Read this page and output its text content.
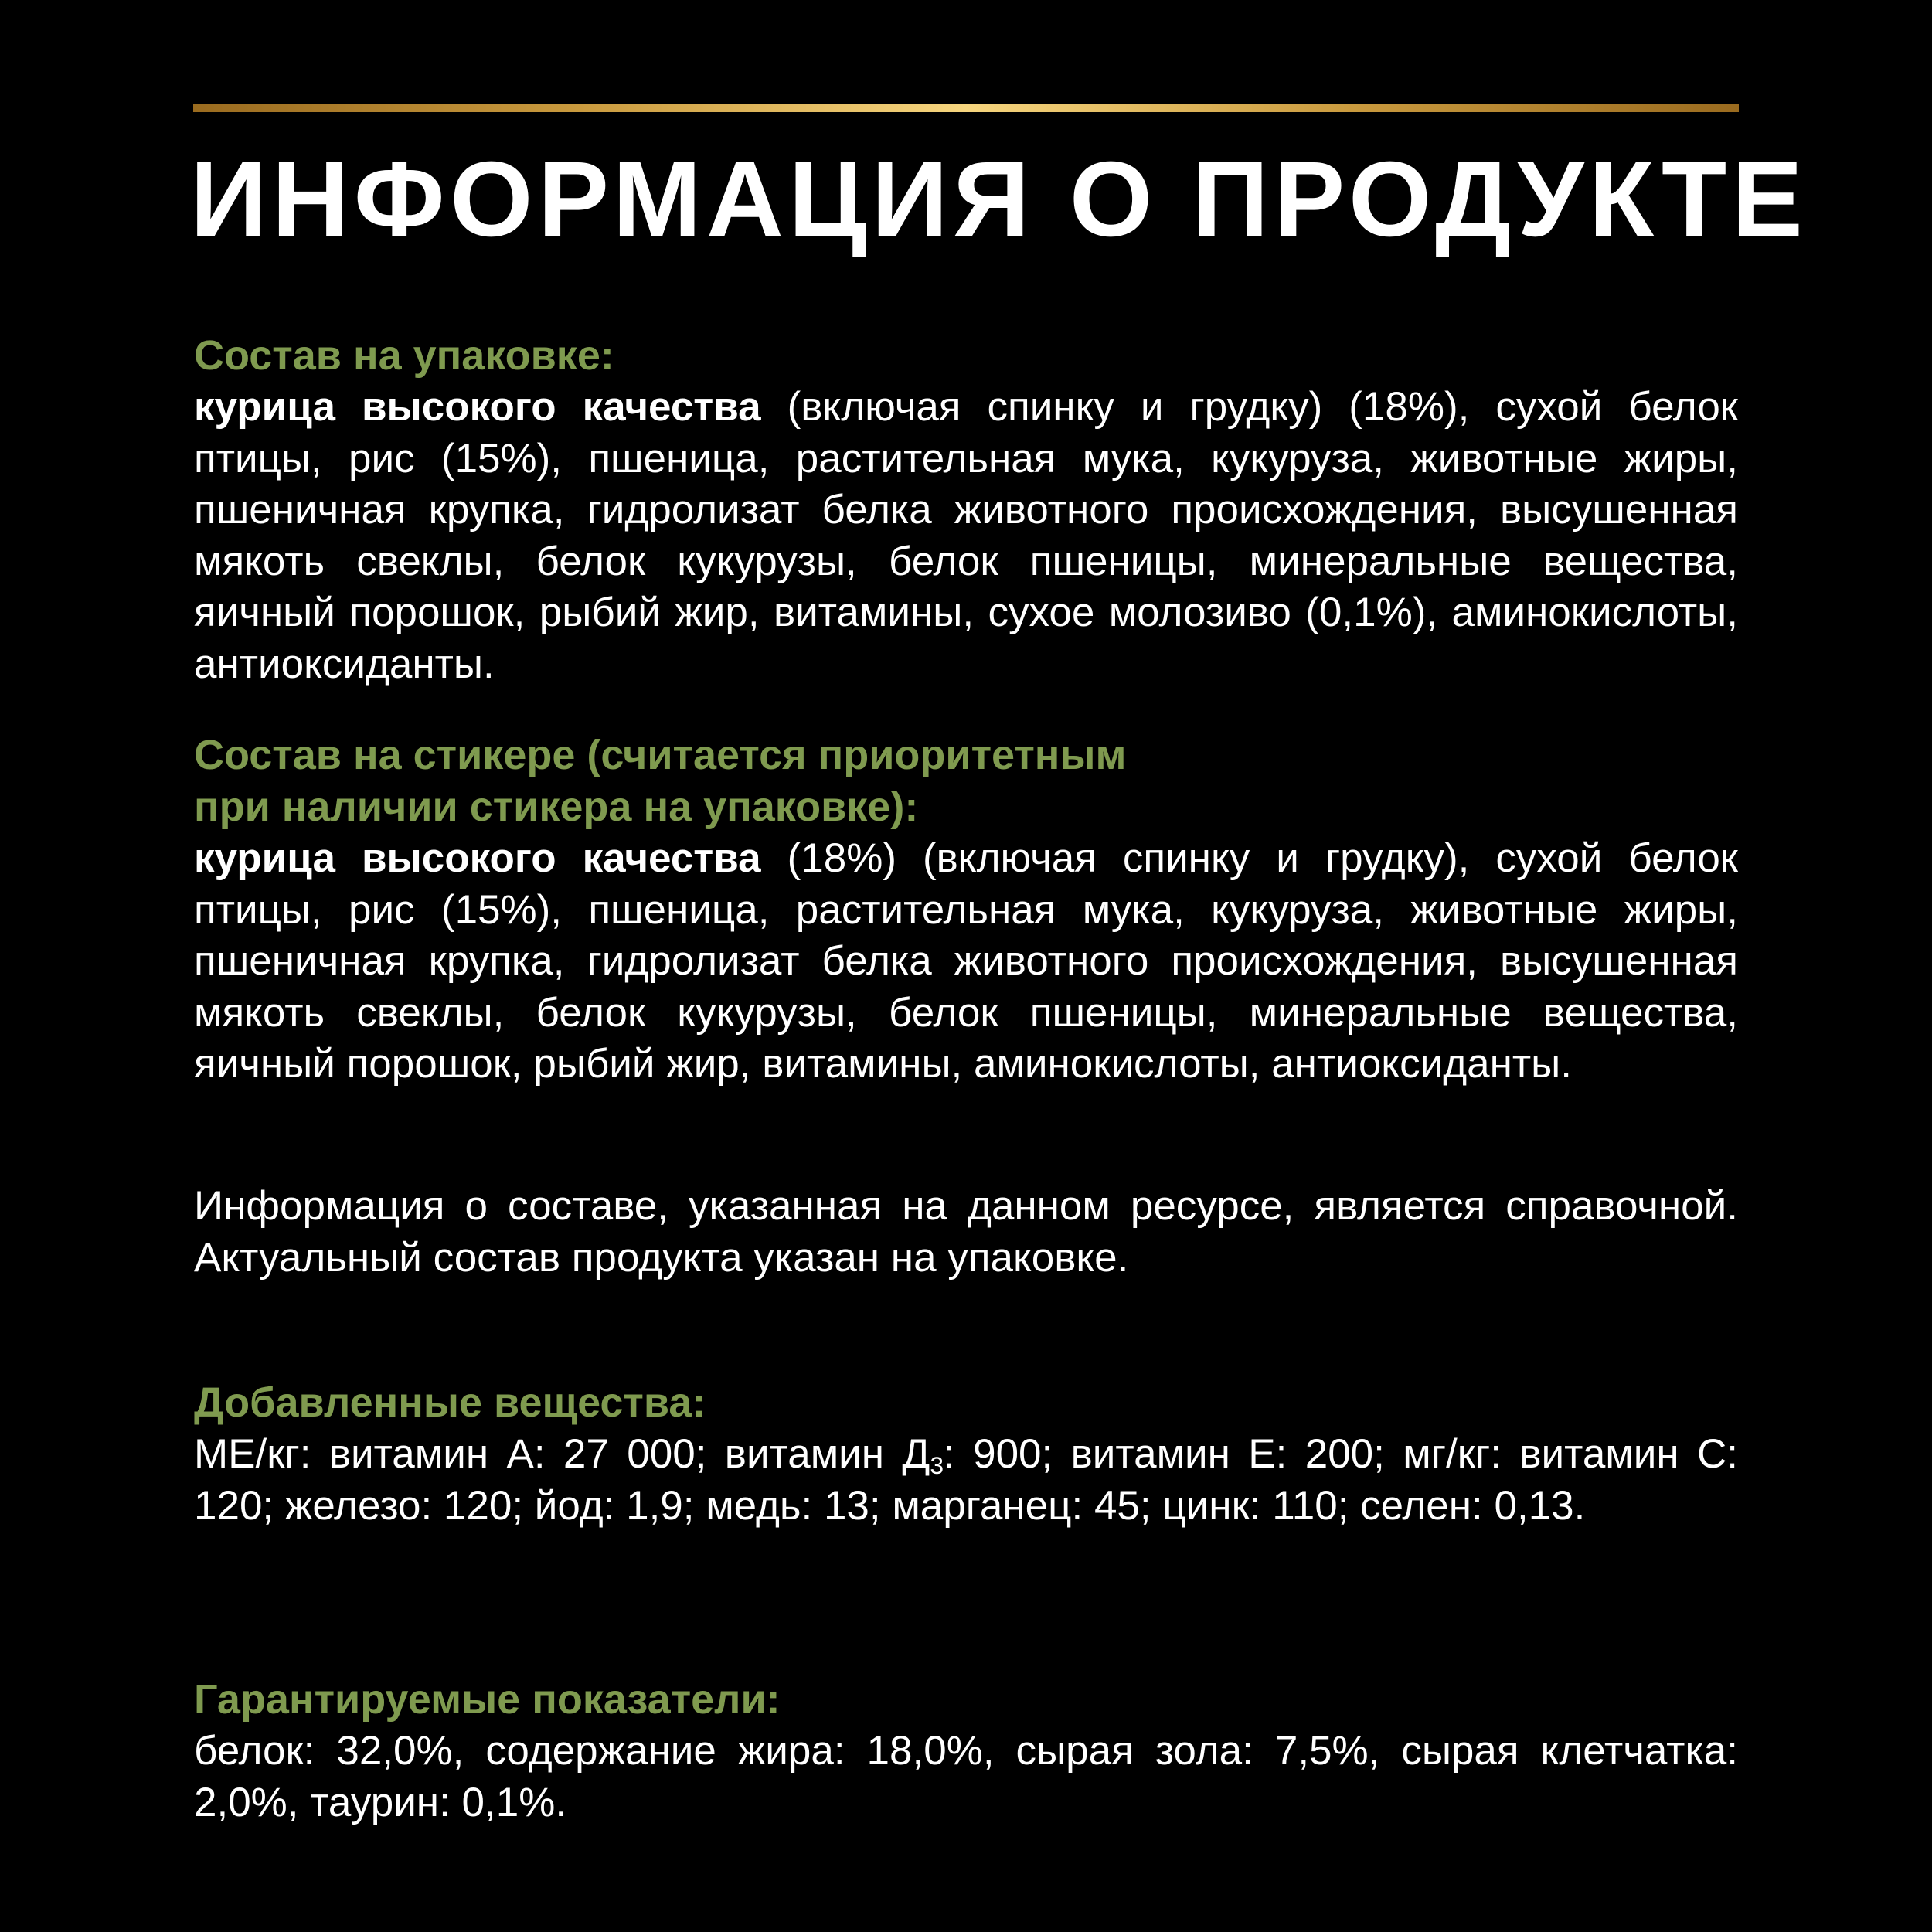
ИНФОРМАЦИЯ О ПРОДУКТЕ

Состав на упаковке:

курица высокого качества (включая спинку и грудку) (18%), сухой белок птицы, рис (15%), пшеница, растительная мука, кукуруза, животные жиры, пшеничная крупка, гидролизат белка животного происхождения, высушенная мякоть свеклы, белок кукурузы, белок пшеницы, минеральные вещества, яичный порошок, рыбий жир, витамины, сухое молозиво (0,1%), аминокислоты, антиоксиданты.

Состав на стикере (считается приоритетным

при наличии стикера на упаковке):

курица высокого качества (18%) (включая спинку и грудку), сухой белок птицы, рис (15%), пшеница, растительная мука, кукуруза, животные жиры, пшеничная крупка, гидролизат белка животного происхождения, высушенная мякоть свеклы, белок кукурузы, белок пшеницы, минеральные вещества, яичный порошок, рыбий жир, витамины, аминокислоты, антиоксиданты.

Информация о составе, указанная на данном ресурсе, является справочной. Актуальный состав продукта указан на упаковке.

Добавленные вещества:

МЕ/кг: витамин А: 27 000; витамин $Д_3$: 900; витамин Е: 200; мг/кг: витамин С: 120; железо: 120; йод: 1,9; медь: 13; марганец: 45; цинк: 110; селен: 0,13.

Гарантируемые показатели:

белок: 32,0%, содержание жира: 18,0%, сырая зола: 7,5%, сырая клетчатка: 2,0%, таурин: 0,1%.
